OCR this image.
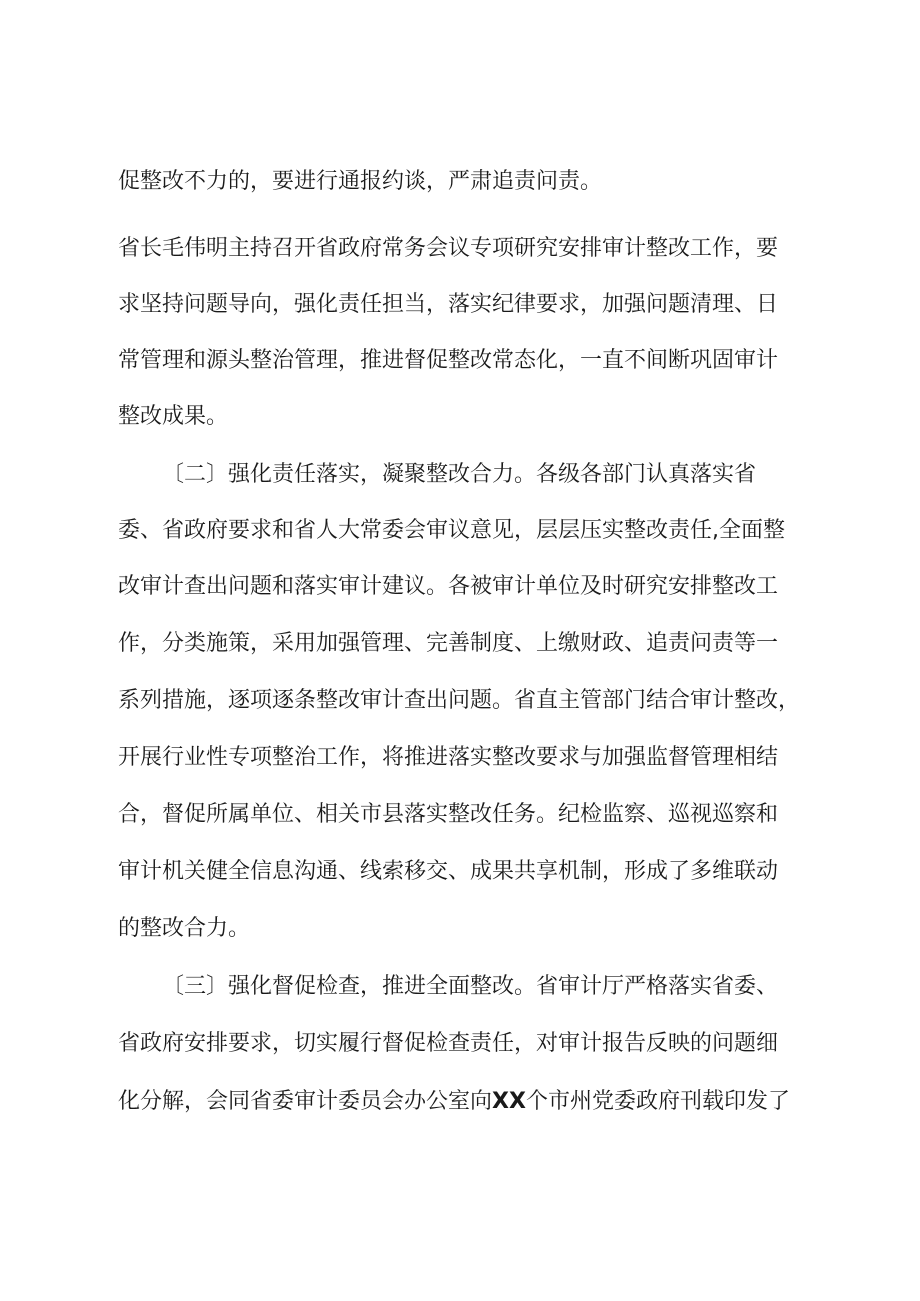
促整改不力的，要进行通报约谈，严肃追责问责。

省长毛伟明主持召开省政府常务会议专项研究安排审计整改工作，要

求坚持问题导向，强化责任担当，落实纪律要求，加强问题清理、日

常管理和源头整治管理，推进督促整改常态化，一直不间断巩固审计

整改成果。

〔二〕强化责任落实，凝聚整改合力。各级各部门认真落实省

委、省政府要求和省人大常委会审议意见，层层压实整改责任,全面整

改审计查出问题和落实审计建议。各被审计单位及时研究安排整改工

作，分类施策，采用加强管理、完善制度、上缴财政、追责问责等一

系列措施，逐项逐条整改审计查出问题。省直主管部门结合审计整改，

开展行业性专项整治工作，将推进落实整改要求与加强监督管理相结

合，督促所属单位、相关市县落实整改任务。纪检监察、巡视巡察和

审计机关健全信息沟通、线索移交、成果共享机制，形成了多维联动

的整改合力。

〔三〕强化督促检查，推进全面整改。省审计厅严格落实省委、

省政府安排要求，切实履行督促检查责任，对审计报告反映的问题细

化分解，会同省委审计委员会办公室向XX个市州党委政府刊载印发了
